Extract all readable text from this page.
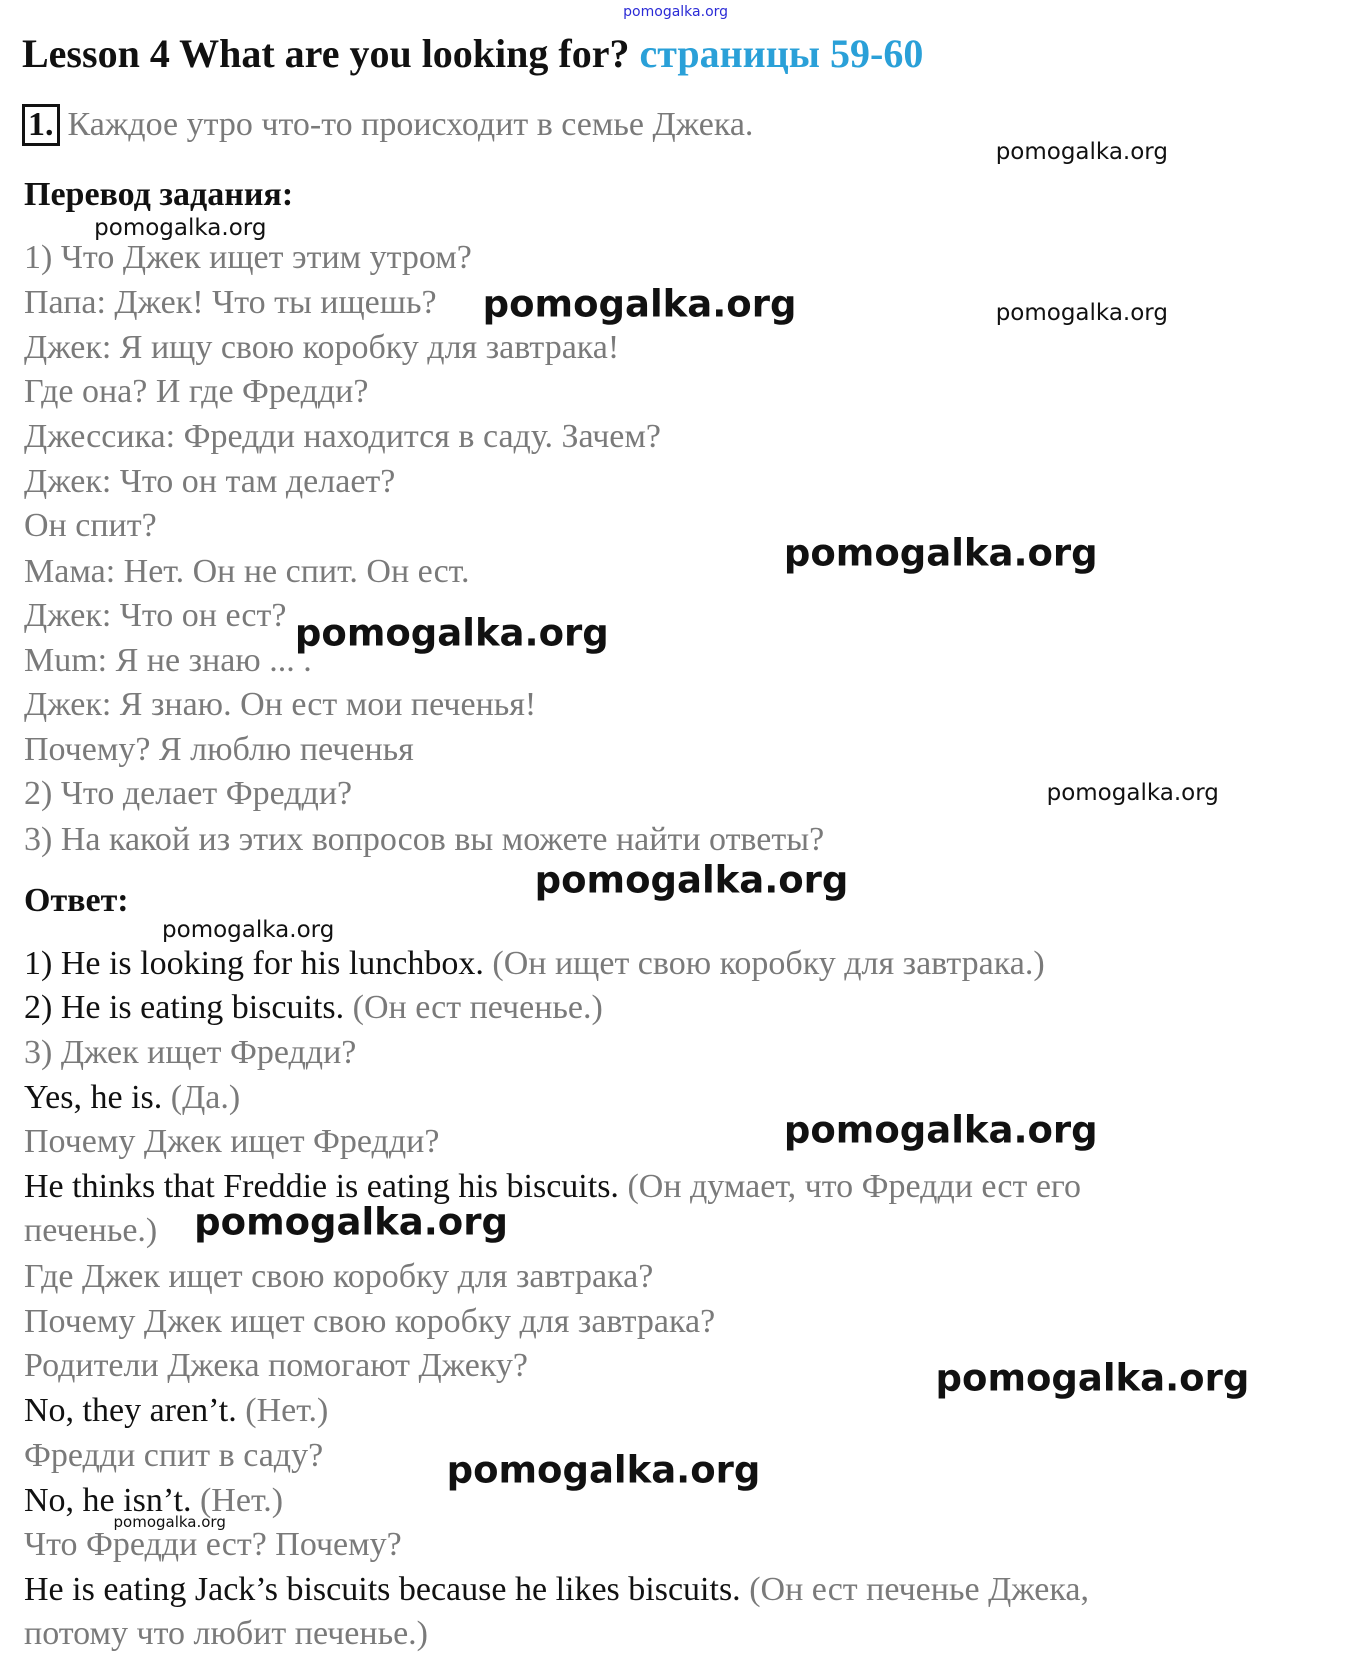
Lesson 4 What are you looking for? страницы 59-60
1. Каждое утро что-то происходит в семье Джека.
Перевод задания:
Ответ:
1) Что Джек ищет этим утром?
Папа: Джек! Что ты ищешь?
Джек: Я ищу свою коробку для завтрака!
Где она? И где Фредди?
Джессика: Фредди находится в саду. Зачем?
Джек: Что он там делает?
Он спит?
Мама: Нет. Он не спит. Он ест.
Джек: Что он ест?
Mum: Я не знаю ... .
Джек: Я знаю. Он ест мои печенья!
Почему? Я люблю печенья
2) Что делает Фредди?
3) На какой из этих вопросов вы можете найти ответы?
1) He is looking for his lunchbox. (Он ищет свою коробку для завтрака.)
2) He is eating biscuits. (Он ест печенье.)
3) Джек ищет Фредди?
Yes, he is. (Да.)
Почему Джек ищет Фредди?
He thinks that Freddie is eating his biscuits. (Он думает, что Фредди ест его
печенье.)
Где Джек ищет свою коробку для завтрака?
Почему Джек ищет свою коробку для завтрака?
Родители Джека помогают Джеку?
No, they aren’t. (Нет.)
Фредди спит в саду?
No, he isn’t. (Нет.)
Что Фредди ест? Почему?
He is eating Jack’s biscuits because he likes biscuits. (Он ест печенье Джека,
потому что любит печенье.)
pomogalka.org
pomogalka.org
pomogalka.org
pomogalka.org	pomogalka.org
pomogalka.org
pomogalka.org
pomogalka.org
pomogalka.org
pomogalka.org
pomogalka.org
pomogalka.org
pomogalka.org
pomogalka.org
pomogalka.org
